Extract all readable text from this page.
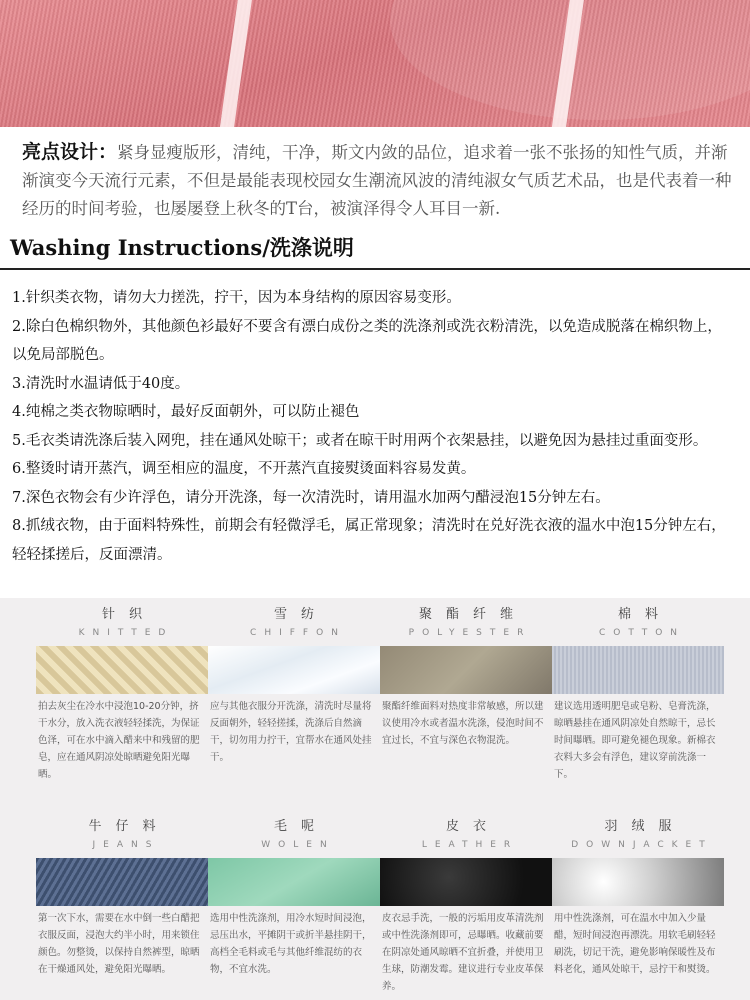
亮点设计：紧身显瘦版形，清纯，干净，斯文内敛的品位，追求着一张不张扬的知性气质，并渐渐演变今天流行元素，不但是最能表现校园女生潮流风波的清纯淑女气质艺术品，也是代表着一种经历的时间考验，也屡屡登上秋冬的T台，被演泽得令人耳目一新.
Washing Instructions/洗涤说明

1.针织类衣物，请勿大力搓洗，拧干，因为本身结构的原因容易变形。

2.除白色棉织物外，其他颜色衫最好不要含有漂白成份之类的洗涤剂或洗衣粉清洗，以免造成脱落在棉织物上，以免局部脱色。

3.清洗时水温请低于40度。

4.纯棉之类衣物晾晒时，最好反面朝外，可以防止褪色

5.毛衣类请洗涤后装入网兜，挂在通风处晾干；或者在晾干时用两个衣架悬挂，以避免因为悬挂过重面变形。

6.整烫时请开蒸汽，调至相应的温度，不开蒸汽直接熨烫面料容易发黄。

7.深色衣物会有少许浮色，请分开洗涤，每一次清洗时，请用温水加两勺醋浸泡15分钟左右。

8.抓绒衣物，由于面料特殊性，前期会有轻微浮毛，属正常现象；清洗时在兑好洗衣液的温水中泡15分钟左右，轻轻揉搓后，反面漂清。

针织
KNITTED
拍去灰尘在冷水中浸泡10-20分钟，挤干水分，放入洗衣液轻轻揉洗，为保证色泽，可在水中滴入醋来中和残留的肥皂，应在通风阴凉处晾晒避免阳光曝晒。
雪纺
CHIFFON
应与其他衣服分开洗涤，清洗时尽量将反面朝外，轻轻搓揉，洗涤后自然滴干，切勿用力拧干，宜帮水在通风处挂干。
聚酯纤维
POLYESTER
聚酯纤维面料对热度非常敏感，所以建议使用冷水或者温水洗涤，侵泡时间不宜过长，不宜与深色衣物混洗。
棉料
COTTON
建议选用透明肥皂或皂粉、皂膏洗涤，晾晒悬挂在通风阴凉处自然晾干，忌长时间曝晒。即可避免褪色现象。新棉衣衣料大多会有浮色，建议穿前洗涤一下。
牛仔料
JEANS
第一次下水，需要在水中倒一些白醋把衣服反面，浸泡大约半小时，用来锁住颜色。勿整烫，以保持自然裤型，晾晒在干燥通风处，避免阳光曝晒。
毛呢
WOLEN
选用中性洗涤剂，用冷水短时间浸泡，忌压出水，平摊阴干或折半悬挂阴干，高档全毛料或毛与其他纤维混纺的衣物，不宜水洗。
皮衣
LEATHER
皮衣忌手洗，一般的污垢用皮革清洗剂或中性洗涤剂即可，忌曝晒。收藏前要在阴凉处通风晾晒不宜折叠，并使用卫生球，防潮发霉。建议进行专业皮革保养。
羽绒服
DOWNJACKET
用中性洗涤剂，可在温水中加入少量醋，短时间浸泡再漂洗。用软毛刷轻轻刷洗，切记干洗，避免影响保暖性及布料老化，通风处晾干，忌拧干和熨烫。
